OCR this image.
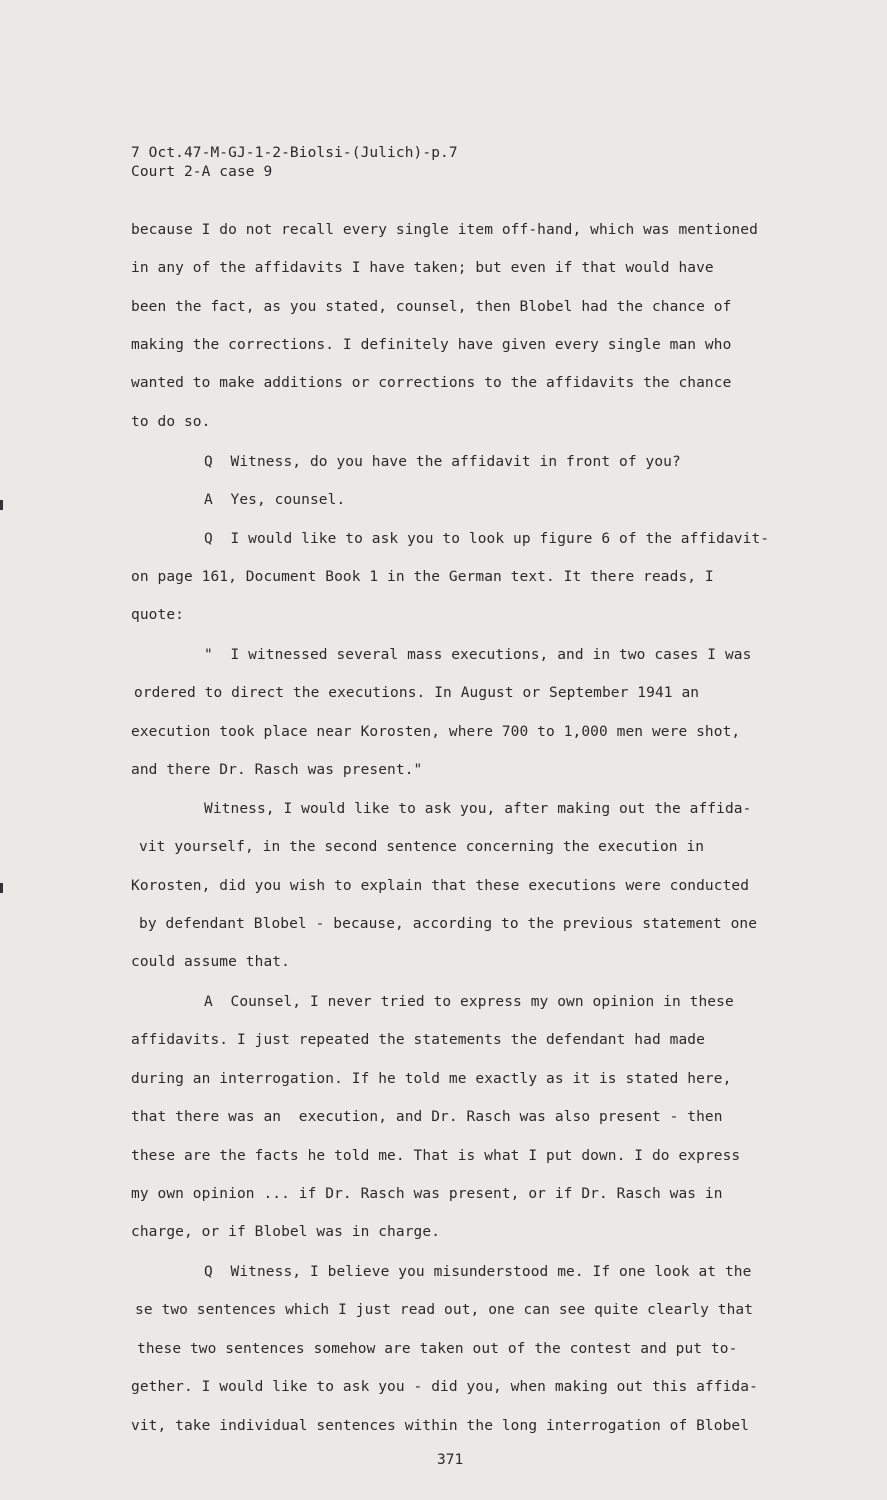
7 Oct.47-M-GJ-1-2-Biolsi-(Julich)-p.7
Court 2-A case 9
because I do not recall every single item off-hand, which was mentioned
in any of the affidavits I have taken; but even if that would have
been the fact, as you stated, counsel, then Blobel had the chance of
making the corrections. I definitely have given every single man who
wanted to make additions or corrections to the affidavits the chance
to do so.
Q  Witness, do you have the affidavit in front of you?
A  Yes, counsel.
Q  I would like to ask you to look up figure 6 of the affidavit-
on page 161, Document Book 1 in the German text. It there reads, I
quote:
"  I witnessed several mass executions, and in two cases I was
ordered to direct the executions. In August or September 1941 an
execution took place near Korosten, where 700 to 1,000 men were shot,
and there Dr. Rasch was present."
Witness, I would like to ask you, after making out the affida-
vit yourself, in the second sentence concerning the execution in
Korosten, did you wish to explain that these executions were conducted
by defendant Blobel - because, according to the previous statement one
could assume that.
A  Counsel, I never tried to express my own opinion in these
affidavits. I just repeated the statements the defendant had made
during an interrogation. If he told me exactly as it is stated here,
that there was an  execution, and Dr. Rasch was also present - then
these are the facts he told me. That is what I put down. I do express
my own opinion ... if Dr. Rasch was present, or if Dr. Rasch was in
charge, or if Blobel was in charge.
Q  Witness, I believe you misunderstood me. If one look at the
se two sentences which I just read out, one can see quite clearly that
these two sentences somehow are taken out of the contest and put to-
gether. I would like to ask you - did you, when making out this affida-
vit, take individual sentences within the long interrogation of Blobel
371
